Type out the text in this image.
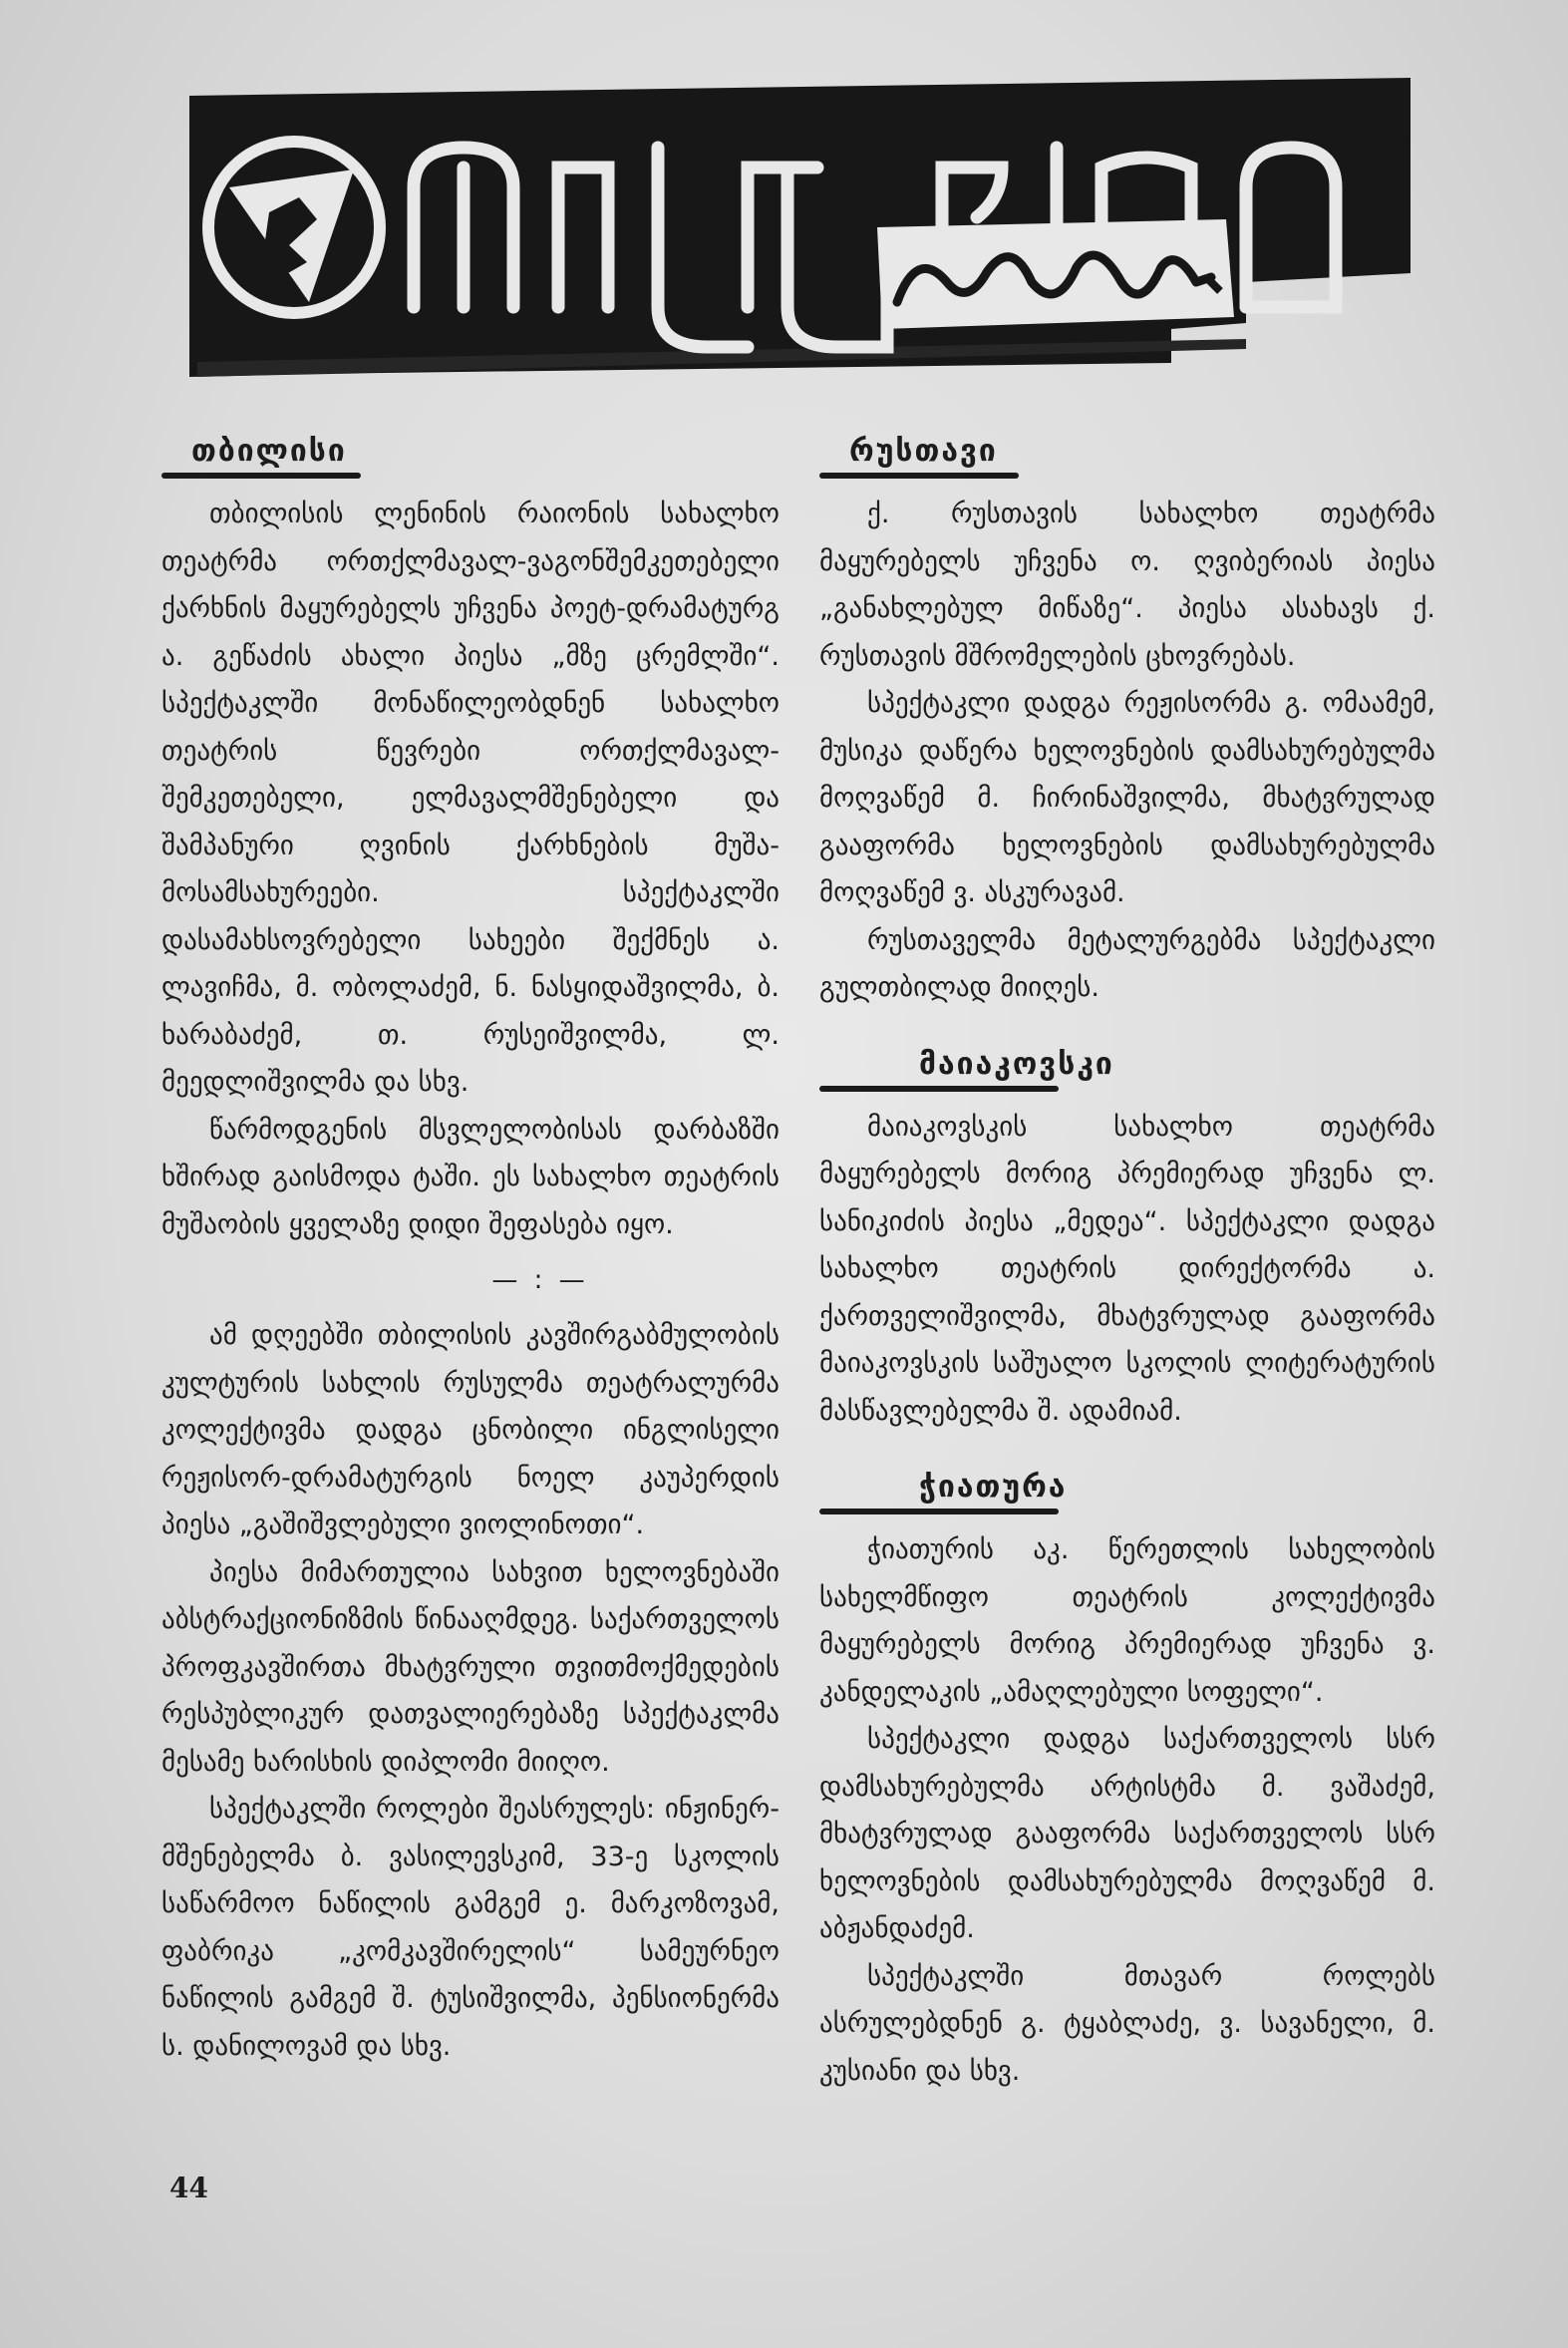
თბილისი

თბილისის ლენინის რაიონის სახალხო თეატრმა ორთქლმავალ-ვაგონშემკეთებელი ქარხნის მაყურებელს უჩვენა პოეტ-დრამატურგ ა. გეწაძის ახალი პიესა „მზე ცრემლში“. სპექტაკლში მონაწილეობდნენ სახალხო თეატრის წევრები ორთქლმავალ-შემკეთებელი, ელმავალმშენებელი და შამპანური ღვინის ქარხნების მუშა-მოსამსახურეები. სპექტაკლში დასამახსოვრებელი სახეები შექმნეს ა. ლავიჩმა, მ. ობოლაძემ, ნ. ნასყიდაშვილმა, ბ. ხარაბაძემ, თ. რუსეიშვილმა, ლ. მეედლიშვილმა და სხვ.

წარმოდგენის მსვლელობისას დარბაზში ხშირად გაისმოდა ტაში. ეს სახალხო თეატრის მუშაობის ყველაზე დიდი შეფასება იყო.

— : —

ამ დღეებში თბილისის კავშირგაბმულობის კულტურის სახლის რუსულმა თეატრალურმა კოლექტივმა დადგა ცნობილი ინგლისელი რეჟისორ-დრამატურგის ნოელ კაუპერდის პიესა „გაშიშვლებული ვიოლინოთი“.

პიესა მიმართულია სახვით ხელოვნებაში აბსტრაქციონიზმის წინააღმდეგ. საქართველოს პროფკავშირთა მხატვრული თვითმოქმედების რესპუბლიკურ დათვალიერებაზე სპექტაკლმა მესამე ხარისხის დიპლომი მიიღო.

სპექტაკლში როლები შეასრულეს: ინჟინერ-მშენებელმა ბ. ვასილევსკიმ, 33-ე სკოლის საწარმოო ნაწილის გამგემ ე. მარკოზოვამ, ფაბრიკა „კომკავშირელის“ სამეურნეო ნაწილის გამგემ შ. ტუსიშვილმა, პენსიონერმა ს. დანილოვამ და სხვ.

რუსთავი

ქ. რუსთავის სახალხო თეატრმა მაყურებელს უჩვენა ო. ღვიბერიას პიესა „განახლებულ მიწაზე“. პიესა ასახავს ქ. რუსთავის მშრომელების ცხოვრებას.

სპექტაკლი დადგა რეჟისორმა გ. ომაამემ, მუსიკა დაწერა ხელოვნების დამსახურებულმა მოღვაწემ მ. ჩირინაშვილმა, მხატვრულად გააფორმა ხელოვნების დამსახურებულმა მოღვაწემ ვ. ასკურავამ.

რუსთაველმა მეტალურგებმა სპექტაკლი გულთბილად მიიღეს.

მაიაკოვსკი

მაიაკოვსკის სახალხო თეატრმა მაყურებელს მორიგ პრემიერად უჩვენა ლ. სანიკიძის პიესა „მედეა“. სპექტაკლი დადგა სახალხო თეატრის დირექტორმა ა. ქართველიშვილმა, მხატვრულად გააფორმა მაიაკოვსკის საშუალო სკოლის ლიტერატურის მასწავლებელმა შ. ადამიამ.

ჭიათურა

ჭიათურის აკ. წერეთლის სახელობის სახელმწიფო თეატრის კოლექტივმა მაყურებელს მორიგ პრემიერად უჩვენა ვ. კანდელაკის „ამაღლებული სოფელი“.

სპექტაკლი დადგა საქართველოს სსრ დამსახურებულმა არტისტმა მ. ვაშაძემ, მხატვრულად გააფორმა საქართველოს სსრ ხელოვნების დამსახურებულმა მოღვაწემ მ. აბჟანდაძემ.

სპექტაკლში მთავარ როლებს ასრულებდნენ გ. ტყაბლაძე, ვ. სავანელი, მ. კუსიანი და სხვ.

44
